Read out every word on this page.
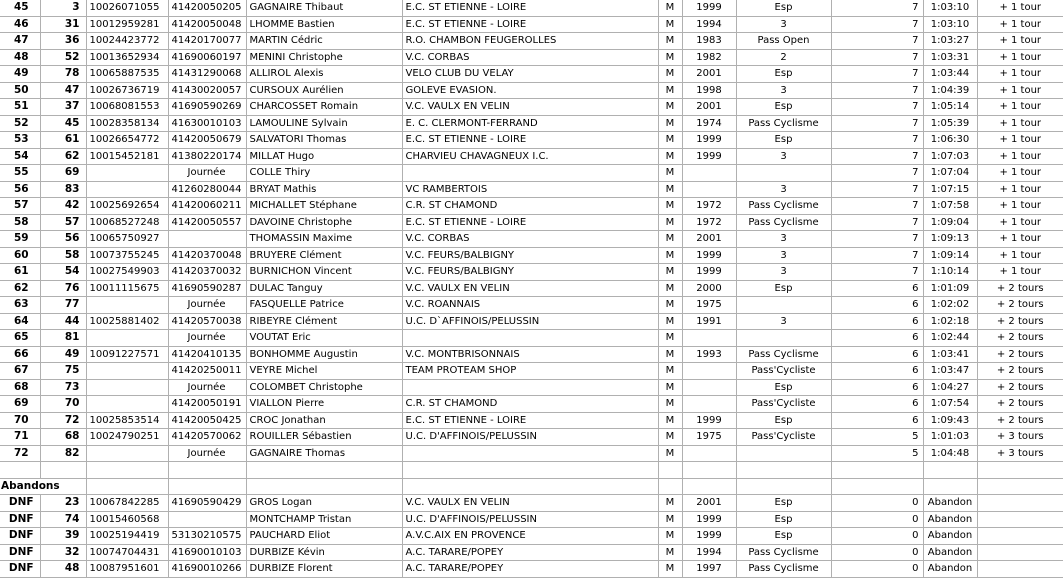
45	3	10026071055	41420050205	GAGNAIRE Thibaut	E.C. ST ETIENNE - LOIRE	M	1999	Esp	7	1:03:10	+ 1 tour
46	31	10012959281	41420050048	LHOMME Bastien	E.C. ST ETIENNE - LOIRE	M	1994	3	7	1:03:10	+ 1 tour
47	36	10024423772	41420170077	MARTIN Cédric	R.O. CHAMBON FEUGEROLLES	M	1983	Pass Open	7	1:03:27	+ 1 tour
48	52	10013652934	41690060197	MENINI Christophe	V.C. CORBAS	M	1982	2	7	1:03:31	+ 1 tour
49	78	10065887535	41431290068	ALLIROL Alexis	VELO CLUB DU VELAY	M	2001	Esp	7	1:03:44	+ 1 tour
50	47	10026736719	41430020057	CURSOUX Aurélien	GOLEVE EVASION.	M	1998	3	7	1:04:39	+ 1 tour
51	37	10068081553	41690590269	CHARCOSSET Romain	V.C. VAULX EN VELIN	M	2001	Esp	7	1:05:14	+ 1 tour
52	45	10028358134	41630010103	LAMOULINE Sylvain	E. C. CLERMONT-FERRAND	M	1974	Pass Cyclisme	7	1:05:39	+ 1 tour
53	61	10026654772	41420050679	SALVATORI Thomas	E.C. ST ETIENNE - LOIRE	M	1999	Esp	7	1:06:30	+ 1 tour
54	62	10015452181	41380220174	MILLAT Hugo	CHARVIEU CHAVAGNEUX I.C.	M	1999	3	7	1:07:03	+ 1 tour
55	69		Journée	COLLE Thiry		M			7	1:07:04	+ 1 tour
56	83		41260280044	BRYAT Mathis	VC RAMBERTOIS	M		3	7	1:07:15	+ 1 tour
57	42	10025692654	41420060211	MICHALLET Stéphane	C.R. ST CHAMOND	M	1972	Pass Cyclisme	7	1:07:58	+ 1 tour
58	57	10068527248	41420050557	DAVOINE Christophe	E.C. ST ETIENNE - LOIRE	M	1972	Pass Cyclisme	7	1:09:04	+ 1 tour
59	56	10065750927		THOMASSIN Maxime	V.C. CORBAS	M	2001	3	7	1:09:13	+ 1 tour
60	58	10073755245	41420370048	BRUYERE Clément	V.C. FEURS/BALBIGNY	M	1999	3	7	1:09:14	+ 1 tour
61	54	10027549903	41420370032	BURNICHON Vincent	V.C. FEURS/BALBIGNY	M	1999	3	7	1:10:14	+ 1 tour
62	76	10011115675	41690590287	DULAC Tanguy	V.C. VAULX EN VELIN	M	2000	Esp	6	1:01:09	+ 2 tours
63	77		Journée	FASQUELLE Patrice	V.C. ROANNAIS	M	1975		6	1:02:02	+ 2 tours
64	44	10025881402	41420570038	RIBEYRE Clément	U.C. D`AFFINOIS/PELUSSIN	M	1991	3	6	1:02:18	+ 2 tours
65	81		Journée	VOUTAT Eric		M			6	1:02:44	+ 2 tours
66	49	10091227571	41420410135	BONHOMME Augustin	V.C. MONTBRISONNAIS	M	1993	Pass Cyclisme	6	1:03:41	+ 2 tours
67	75		41420250011	VEYRE Michel	TEAM PROTEAM SHOP	M		Pass'Cycliste	6	1:03:47	+ 2 tours
68	73		Journée	COLOMBET Christophe		M		Esp	6	1:04:27	+ 2 tours
69	70		41420050191	VIALLON Pierre	C.R. ST CHAMOND	M		Pass'Cycliste	6	1:07:54	+ 2 tours
70	72	10025853514	41420050425	CROC Jonathan	E.C. ST ETIENNE - LOIRE	M	1999	Esp	6	1:09:43	+ 2 tours
71	68	10024790251	41420570062	ROUILLER Sébastien	U.C. D'AFFINOIS/PELUSSIN	M	1975	Pass'Cycliste	5	1:01:03	+ 3 tours
72	82		Journée	GAGNAIRE Thomas		M			5	1:04:48	+ 3 tours

Abandons											
DNF	23	10067842285	41690590429	GROS Logan	V.C. VAULX EN VELIN	M	2001	Esp	0	Abandon	
DNF	74	10015460568		MONTCHAMP Tristan	U.C. D'AFFINOIS/PELUSSIN	M	1999	Esp	0	Abandon	
DNF	39	10025194419	53130210575	PAUCHARD Eliot	A.V.C.AIX EN PROVENCE	M	1999	Esp	0	Abandon	
DNF	32	10074704431	41690010103	DURBIZE Kévin	A.C. TARARE/POPEY	M	1994	Pass Cyclisme	0	Abandon	
DNF	48	10087951601	41690010266	DURBIZE Florent	A.C. TARARE/POPEY	M	1997	Pass Cyclisme	0	Abandon	
